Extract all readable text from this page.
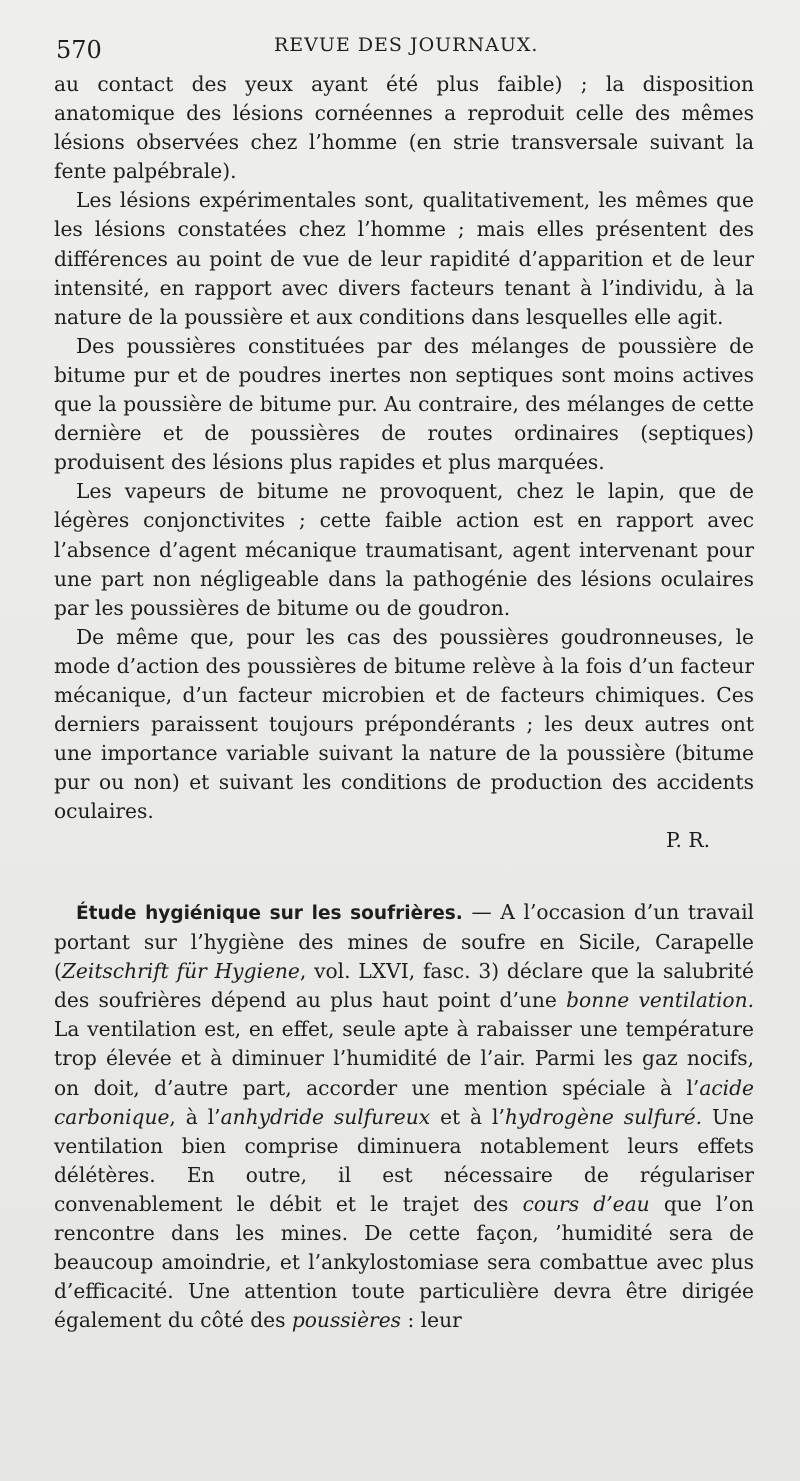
570	REVUE DES JOURNAUX.

au contact des yeux ayant été plus faible) ; la disposition anatomique des lésions cornéennes a reproduit celle des mêmes lésions observées chez l’homme (en strie transversale suivant la fente palpébrale).

Les lésions expérimentales sont, qualitativement, les mêmes que les lésions constatées chez l’homme ; mais elles présentent des différences au point de vue de leur rapidité d’apparition et de leur intensité, en rapport avec divers facteurs tenant à l’individu, à la nature de la poussière et aux conditions dans lesquelles elle agit.

Des poussières constituées par des mélanges de poussière de bitume pur et de poudres inertes non septiques sont moins actives que la poussière de bitume pur. Au contraire, des mélanges de cette dernière et de poussières de routes ordinaires (septiques) produisent des lésions plus rapides et plus marquées.

Les vapeurs de bitume ne provoquent, chez le lapin, que de légères conjonctivites ; cette faible action est en rapport avec l’absence d’agent mécanique traumatisant, agent intervenant pour une part non négligeable dans la pathogénie des lésions oculaires par les poussières de bitume ou de goudron.

De même que, pour les cas des poussières goudronneuses, le mode d’action des poussières de bitume relève à la fois d’un facteur mécanique, d’un facteur microbien et de facteurs chimiques. Ces derniers paraissent toujours prépondérants ; les deux autres ont une importance variable suivant la nature de la poussière (bitume pur ou non) et suivant les conditions de production des accidents oculaires.

P. R.

Étude hygiénique sur les soufrières. — A l’occasion d’un travail portant sur l’hygiène des mines de soufre en Sicile, Carapelle (Zeitschrift für Hygiene, vol. LXVI, fasc. 3) déclare que la salubrité des soufrières dépend au plus haut point d’une bonne ventilation. La ventilation est, en effet, seule apte à rabaisser une température trop élevée et à diminuer l’humidité de l’air. Parmi les gaz nocifs, on doit, d’autre part, accorder une mention spéciale à l’acide carbonique, à l’anhydride sulfureux et à l’hydrogène sulfuré. Une ventilation bien comprise diminuera notablement leurs effets délétères. En outre, il est nécessaire de régulariser convenablement le débit et le trajet des cours d’eau que l’on rencontre dans les mines. De cette façon, ’humidité sera de beaucoup amoindrie, et l’ankylostomiase sera combattue avec plus d’efficacité. Une attention toute particulière devra être dirigée également du côté des poussières : leur
